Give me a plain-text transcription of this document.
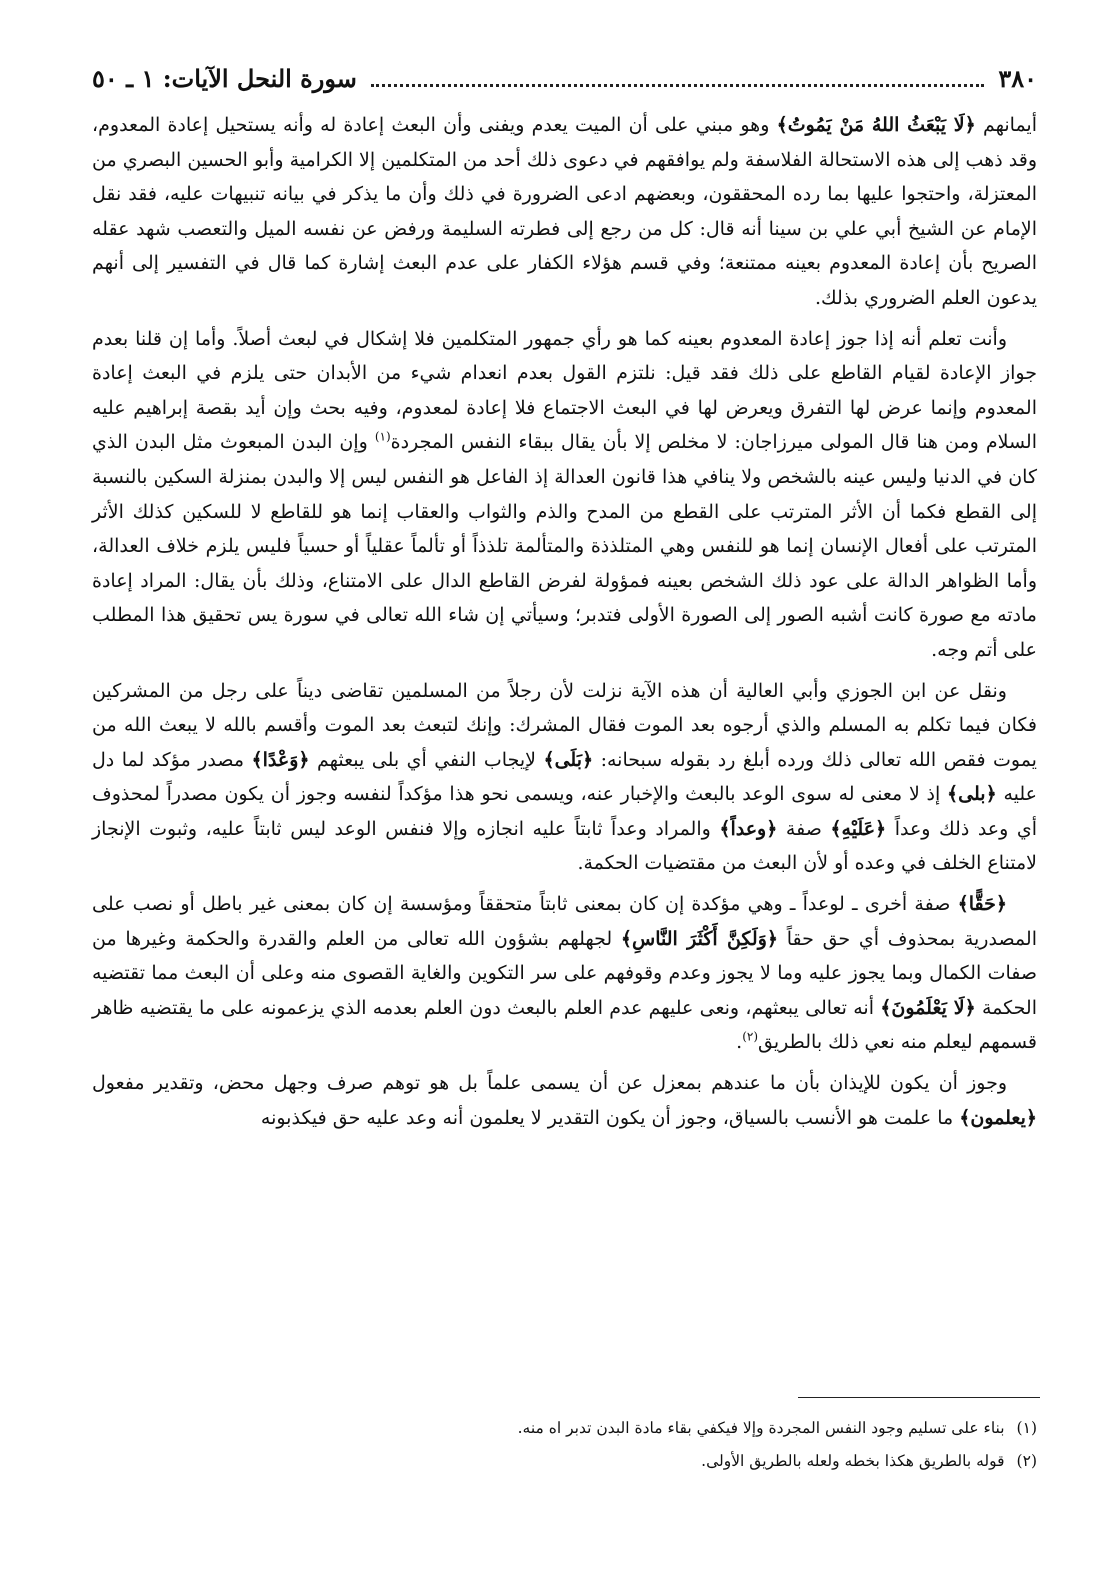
٣٨٠
سورة النحل الآيات: ١ ـ ٥٠

أيمانهم ﴿لَا يَبْعَثُ اللهُ مَنْ يَمُوتُ﴾ وهو مبني على أن الميت يعدم ويفنى وأن البعث إعادة له وأنه يستحيل إعادة المعدوم، وقد ذهب إلى هذه الاستحالة الفلاسفة ولم يوافقهم في دعوى ذلك أحد من المتكلمين إلا الكرامية وأبو الحسين البصري من المعتزلة، واحتجوا عليها بما رده المحققون، وبعضهم ادعى الضرورة في ذلك وأن ما يذكر في بيانه تنبيهات عليه، فقد نقل الإمام عن الشيخ أبي علي بن سينا أنه قال: كل من رجع إلى فطرته السليمة ورفض عن نفسه الميل والتعصب شهد عقله الصريح بأن إعادة المعدوم بعينه ممتنعة؛ وفي قسم هؤلاء الكفار على عدم البعث إشارة كما قال في التفسير إلى أنهم يدعون العلم الضروري بذلك.

وأنت تعلم أنه إذا جوز إعادة المعدوم بعينه كما هو رأي جمهور المتكلمين فلا إشكال في لبعث أصلاً. وأما إن قلنا بعدم جواز الإعادة لقيام القاطع على ذلك فقد قيل: نلتزم القول بعدم انعدام شيء من الأبدان حتى يلزم في البعث إعادة المعدوم وإنما عرض لها التفرق ويعرض لها في البعث الاجتماع فلا إعادة لمعدوم، وفيه بحث وإن أيد بقصة إبراهيم عليه السلام ومن هنا قال المولى ميرزاجان: لا مخلص إلا بأن يقال ببقاء النفس المجردة$^{(١)}$ وإن البدن المبعوث مثل البدن الذي كان في الدنيا وليس عينه بالشخص ولا ينافي هذا قانون العدالة إذ الفاعل هو النفس ليس إلا والبدن بمنزلة السكين بالنسبة إلى القطع فكما أن الأثر المترتب على القطع من المدح والذم والثواب والعقاب إنما هو للقاطع لا للسكين كذلك الأثر المترتب على أفعال الإنسان إنما هو للنفس وهي المتلذذة والمتألمة تلذذاً أو تألماً عقلياً أو حسياً فليس يلزم خلاف العدالة، وأما الظواهر الدالة على عود ذلك الشخص بعينه فمؤولة لفرض القاطع الدال على الامتناع، وذلك بأن يقال: المراد إعادة مادته مع صورة كانت أشبه الصور إلى الصورة الأولى فتدبر؛ وسيأتي إن شاء الله تعالى في سورة يس تحقيق هذا المطلب على أتم وجه.

ونقل عن ابن الجوزي وأبي العالية أن هذه الآية نزلت لأن رجلاً من المسلمين تقاضى ديناً على رجل من المشركين فكان فيما تكلم به المسلم والذي أرجوه بعد الموت فقال المشرك: وإنك لتبعث بعد الموت وأقسم بالله لا يبعث الله من يموت فقص الله تعالى ذلك ورده أبلغ رد بقوله سبحانه: ﴿بَلَى﴾ لإيجاب النفي أي بلى يبعثهم ﴿وَعْدًا﴾ مصدر مؤكد لما دل عليه ﴿بلى﴾ إذ لا معنى له سوى الوعد بالبعث والإخبار عنه، ويسمى نحو هذا مؤكداً لنفسه وجوز أن يكون مصدراً لمحذوف أي وعد ذلك وعداً ﴿عَلَيْهِ﴾ صفة ﴿وعداً﴾ والمراد وعداً ثابتاً عليه انجازه وإلا فنفس الوعد ليس ثابتاً عليه، وثبوت الإنجاز لامتناع الخلف في وعده أو لأن البعث من مقتضيات الحكمة.

﴿حَقًّا﴾ صفة أخرى ـ لوعداً ـ وهي مؤكدة إن كان بمعنى ثابتاً متحققاً ومؤسسة إن كان بمعنى غير باطل أو نصب على المصدرية بمحذوف أي حق حقاً ﴿وَلَكِنَّ أَكْثَرَ النَّاسِ﴾ لجهلهم بشؤون الله تعالى من العلم والقدرة والحكمة وغيرها من صفات الكمال وبما يجوز عليه وما لا يجوز وعدم وقوفهم على سر التكوين والغاية القصوى منه وعلى أن البعث مما تقتضيه الحكمة ﴿لَا يَعْلَمُونَ﴾ أنه تعالى يبعثهم، ونعى عليهم عدم العلم بالبعث دون العلم بعدمه الذي يزعمونه على ما يقتضيه ظاهر قسمهم ليعلم منه نعي ذلك بالطريق$^{(٢)}$.

وجوز أن يكون للإيذان بأن ما عندهم بمعزل عن أن يسمى علماً بل هو توهم صرف وجهل محض، وتقدير مفعول ﴿يعلمون﴾ ما علمت هو الأنسب بالسياق، وجوز أن يكون التقدير لا يعلمون أنه وعد عليه حق فيكذبونه

(١)
بناء على تسليم وجود النفس المجردة وإلا فيكفي بقاء مادة البدن تدبر اه منه.
(٢)
قوله بالطريق هكذا بخطه ولعله بالطريق الأولى.
